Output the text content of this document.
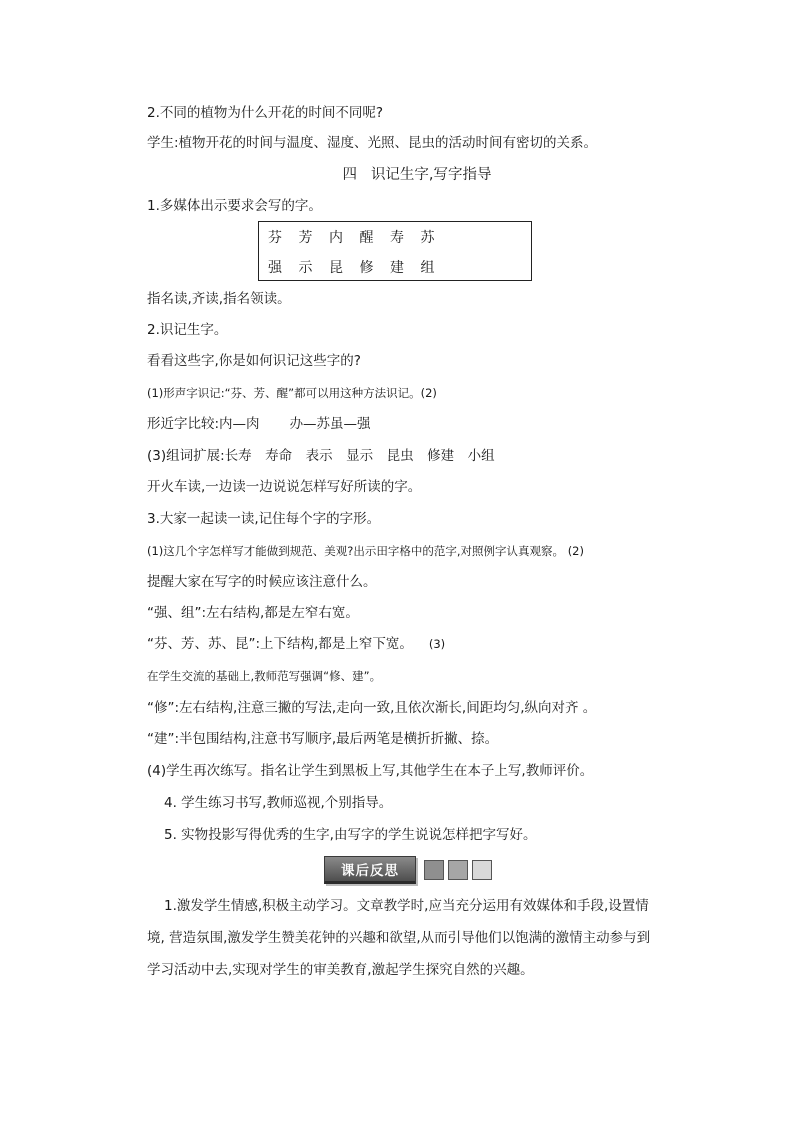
2.不同的植物为什么开花的时间不同呢?
学生:植物开花的时间与温度、湿度、光照、昆虫的活动时间有密切的关系。
四 识记生字,写字指导
1.多媒体出示要求会写的字。
芬 芳 内 醒 寿 苏
强 示 昆 修 建 组
指名读,齐读,指名领读。
2.识记生字。
看看这些字,你是如何识记这些字的?
(1)形声字识记:“芬、芳、醒”都可以用这种方法识记。(2)
形近字比较:内—肉 办—苏虽—强
(3)组词扩展:长寿　寿命　表示　显示　昆虫　修建　小组
开火车读,一边读一边说说怎样写好所读的字。
3.大家一起读一读,记住每个字的字形。
(1)这几个字怎样写才能做到规范、美观?出示田字格中的范字,对照例字认真观察。 (2)
提醒大家在写字的时候应该注意什么。
“强、组”:左右结构,都是左窄右宽。
“芬、芳、苏、昆”:上下结构,都是上窄下宽。 (3)
在学生交流的基础上,教师范写强调“修、建”。
“修”:左右结构,注意三撇的写法,走向一致,且依次渐长,间距均匀,纵向对齐 。
“建”:半包围结构,注意书写顺序,最后两笔是横折折撇、捺。
(4)学生再次练写。指名让学生到黑板上写,其他学生在本子上写,教师评价。
4. 学生练习书写,教师巡视,个别指导。
5. 实物投影写得优秀的生字,由写字的学生说说怎样把字写好。
课后反思
1.激发学生情感,积极主动学习。文章教学时,应当充分运用有效媒体和手段,设置情境, 营造氛围,激发学生赞美花钟的兴趣和欲望,从而引导他们以饱满的激情主动参与到学习活动中去,实现对学生的审美教育,激起学生探究自然的兴趣。
